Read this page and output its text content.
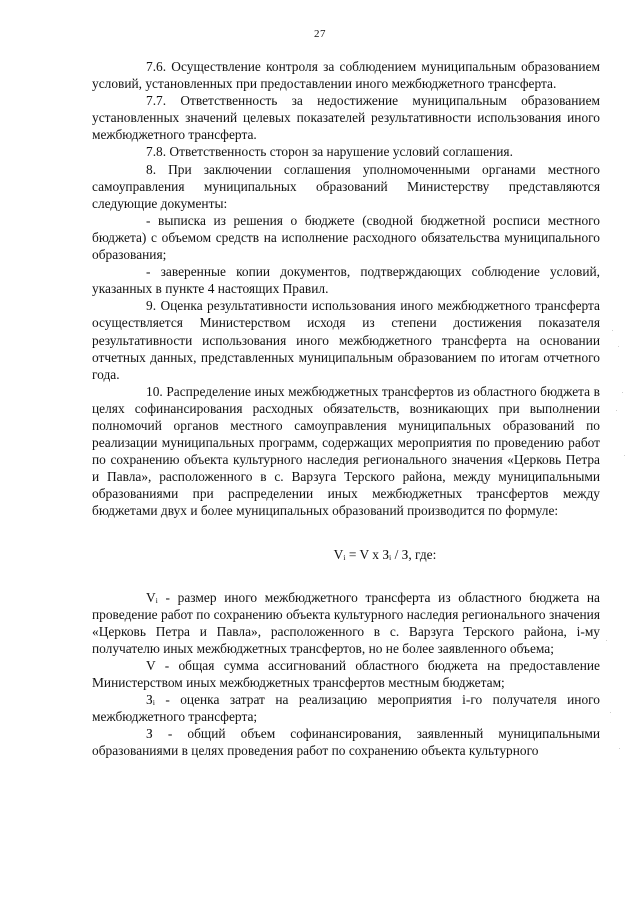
27

7.6. Осуществление контроля за соблюдением муниципальным образованием условий, установленных при предоставлении иного межбюджетного трансферта.

7.7. Ответственность за недостижение муниципальным образованием установленных значений целевых показателей результативности использования иного межбюджетного трансферта.

7.8. Ответственность сторон за нарушение условий соглашения.

8. При заключении соглашения уполномоченными органами местного самоуправления муниципальных образований Министерству представляются следующие документы:

- выписка из решения о бюджете (сводной бюджетной росписи местного бюджета) с объемом средств на исполнение расходного обязательства муниципального образования;

- заверенные копии документов, подтверждающих соблюдение условий, указанных в пункте 4 настоящих Правил.

9. Оценка результативности использования иного межбюджетного трансферта осуществляется Министерством исходя из степени достижения показателя результативности использования иного межбюджетного трансферта на основании отчетных данных, представленных муниципальным образованием по итогам отчетного года.

10. Распределение иных межбюджетных трансфертов из областного бюджета в целях софинансирования расходных обязательств, возникающих при выполнении полномочий органов местного самоуправления муниципальных образований по реализации муниципальных программ, содержащих мероприятия по проведению работ по сохранению объекта культурного наследия регионального значения «Церковь Петра и Павла», расположенного в с. Варзуга Терского района, между муниципальными образованиями при распределении иных межбюджетных трансфертов между бюджетами двух и более муниципальных образований производится по формуле:

Vᵢ = V x Зᵢ / З, где:

Vᵢ - размер иного межбюджетного трансферта из областного бюджета на проведение работ по сохранению объекта культурного наследия регионального значения «Церковь Петра и Павла», расположенного в с. Варзуга Терского района, i-му получателю иных межбюджетных трансфертов, но не более заявленного объема;

V - общая сумма ассигнований областного бюджета на предоставление Министерством иных межбюджетных трансфертов местным бюджетам;

Зᵢ - оценка затрат на реализацию мероприятия i-го получателя иного межбюджетного трансферта;

З - общий объем софинансирования, заявленный муниципальными образованиями в целях проведения работ по сохранению объекта культурного
